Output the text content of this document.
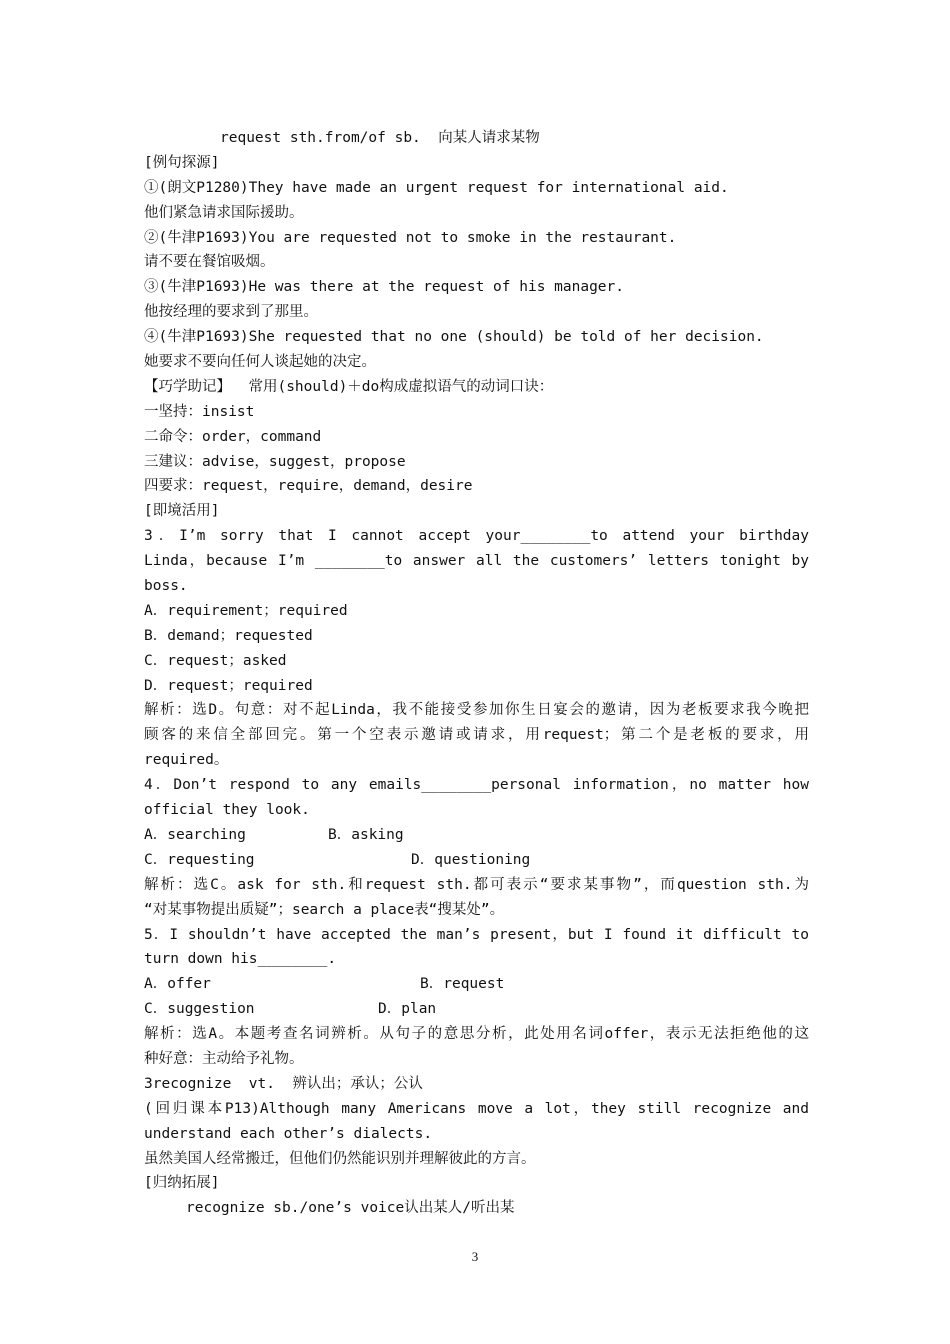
request sth.from/of sb.  向某人请求某物
[例句探源]
①(朗文P1280)They have made an urgent request for international aid.
他们紧急请求国际援助。
②(牛津P1693)You are requested not to smoke in the restaurant.
请不要在餐馆吸烟。
③(牛津P1693)He was there at the request of his manager.
他按经理的要求到了那里。
④(牛津P1693)She requested that no one (should) be told of her decision.
她要求不要向任何人谈起她的决定。
【巧学助记】  常用(should)＋do构成虚拟语气的动词口诀：
一坚持：insist
二命令：order，command
三建议：advise，suggest，propose
四要求：request，require，demand，desire
[即境活用]
3．I’m sorry that I cannot accept your________to attend your birthday
Linda，because I’m ________to answer all the customers’ letters tonight by
boss.
A．requirement；required
B．demand；requested
C．request；asked
D．request；required
解析：选D。句意：对不起Linda，我不能接受参加你生日宴会的邀请，因为老板要求我今晚把
顾客的来信全部回完。第一个空表示邀请或请求，用request；第二个是老板的要求，用
required。
4．Don’t respond to any emails________personal information，no matter how
official they look.
A．searching	B．asking
C．requesting	D．questioning
解析：选C。ask for sth.和request sth.都可表示“要求某事物”，而question sth.为
“对某事物提出质疑”；search a place表“搜某处”。
5．I shouldn’t have accepted the man’s present，but I found it difficult to
turn down his________.
A．offer	B．request
C．suggestion	D．plan
解析：选A。本题考查名词辨析。从句子的意思分析，此处用名词offer，表示无法拒绝他的这
种好意：主动给予礼物。
3recognize  vt.  辨认出；承认；公认
(回归课本P13)Although many Americans move a lot，they still recognize and
understand each other’s dialects.
虽然美国人经常搬迁，但他们仍然能识别并理解彼此的方言。
[归纳拓展]
recognize sb./one’s voice认出某人/听出某
3
